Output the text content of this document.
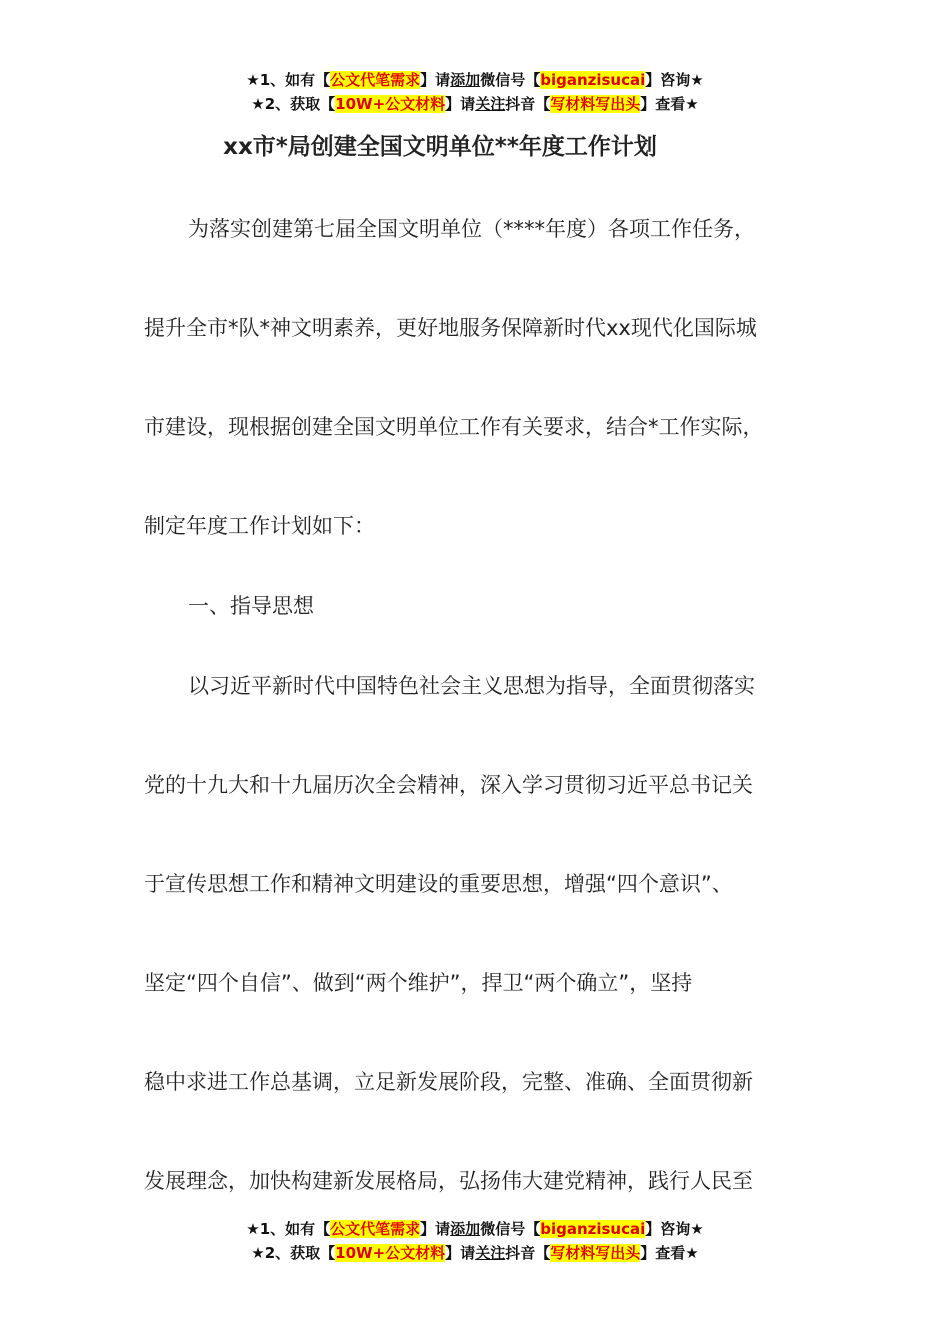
★1、如有【公文代笔需求】请添加微信号【biganzisucai】咨询★
★2、获取【10W+公文材料】请关注抖音【写材料写出头】查看★
xx市*局创建全国文明单位**年度工作计划
为落实创建第七届全国文明单位（****年度）各项工作任务，
提升全市*队*神文明素养，更好地服务保障新时代xx现代化国际城
市建设，现根据创建全国文明单位工作有关要求，结合*工作实际，
制定年度工作计划如下：
一、指导思想
以习近平新时代中国特色社会主义思想为指导，全面贯彻落实
党的十九大和十九届历次全会精神，深入学习贯彻习近平总书记关
于宣传思想工作和精神文明建设的重要思想，增强“四个意识”、
坚定“四个自信”、做到“两个维护”，捍卫“两个确立”，坚持
稳中求进工作总基调，立足新发展阶段，完整、准确、全面贯彻新
发展理念，加快构建新发展格局，弘扬伟大建党精神，践行人民至
★1、如有【公文代笔需求】请添加微信号【biganzisucai】咨询★
★2、获取【10W+公文材料】请关注抖音【写材料写出头】查看★
